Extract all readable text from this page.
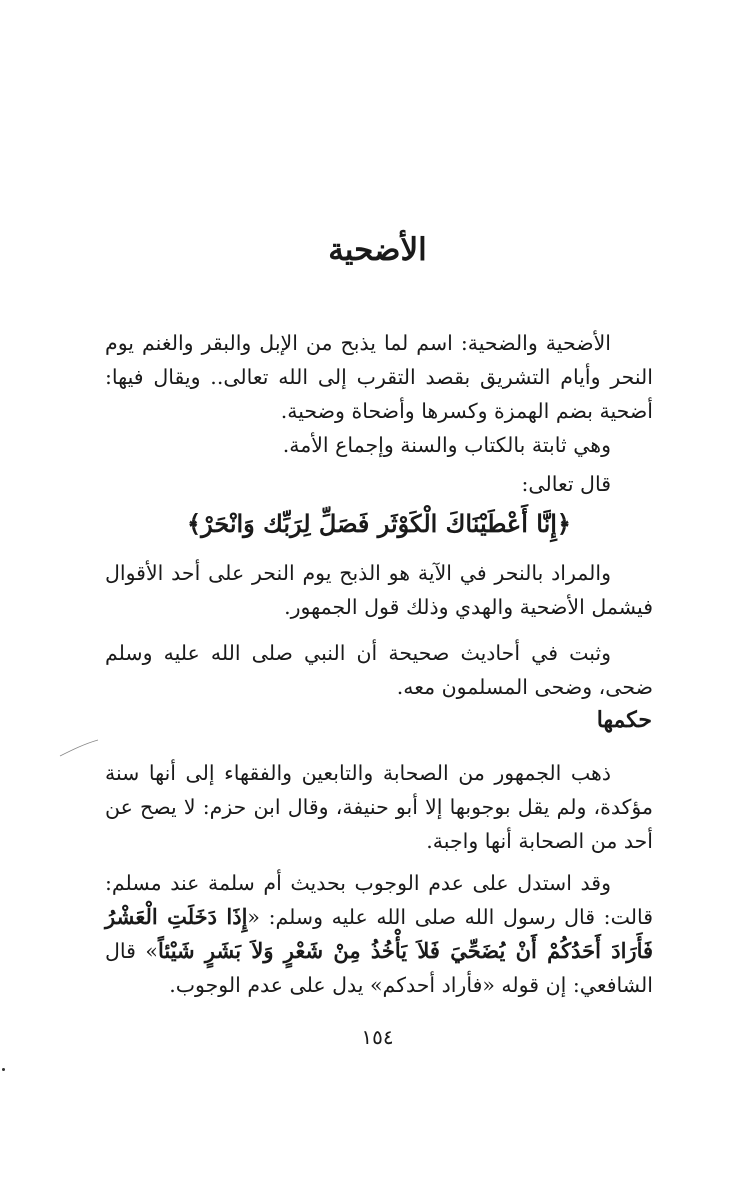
الأضحية

الأضحية والضحية: اسم لما يذبح من الإبل والبقر والغنم يوم النحر وأيام التشريق بقصد التقرب إلى الله تعالى.. ويقال فيها: أضحية بضم الهمزة وكسرها وأضحاة وضحية.

وهي ثابتة بالكتاب والسنة وإجماع الأمة.

قال تعالى:

﴿إِنَّا أَعْطَيْنَاكَ الْكَوْثَر فَصَلِّ لِرَبِّك وَانْحَرْ﴾

والمراد بالنحر في الآية هو الذبح يوم النحر على أحد الأقوال فيشمل الأضحية والهدي وذلك قول الجمهور.

وثبت في أحاديث صحيحة أن النبي صلى الله عليه وسلم ضحى، وضحى المسلمون معه.

حكمها

ذهب الجمهور من الصحابة والتابعين والفقهاء إلى أنها سنة مؤكدة، ولم يقل بوجوبها إلا أبو حنيفة، وقال ابن حزم: لا يصح عن أحد من الصحابة أنها واجبة.

وقد استدل على عدم الوجوب بحديث أم سلمة عند مسلم: قالت: قال رسول الله صلى الله عليه وسلم: «إِذَا دَخَلَتِ الْعَشْرُ فَأَرَادَ أَحَدُكُمْ أَنْ يُضَحِّيَ فَلاَ يَأْخُذُ مِنْ شَعْرٍ وَلاَ بَشَرٍ شَيْئاً» قال الشافعي: إن قوله «فأراد أحدكم» يدل على عدم الوجوب.

١٥٤
